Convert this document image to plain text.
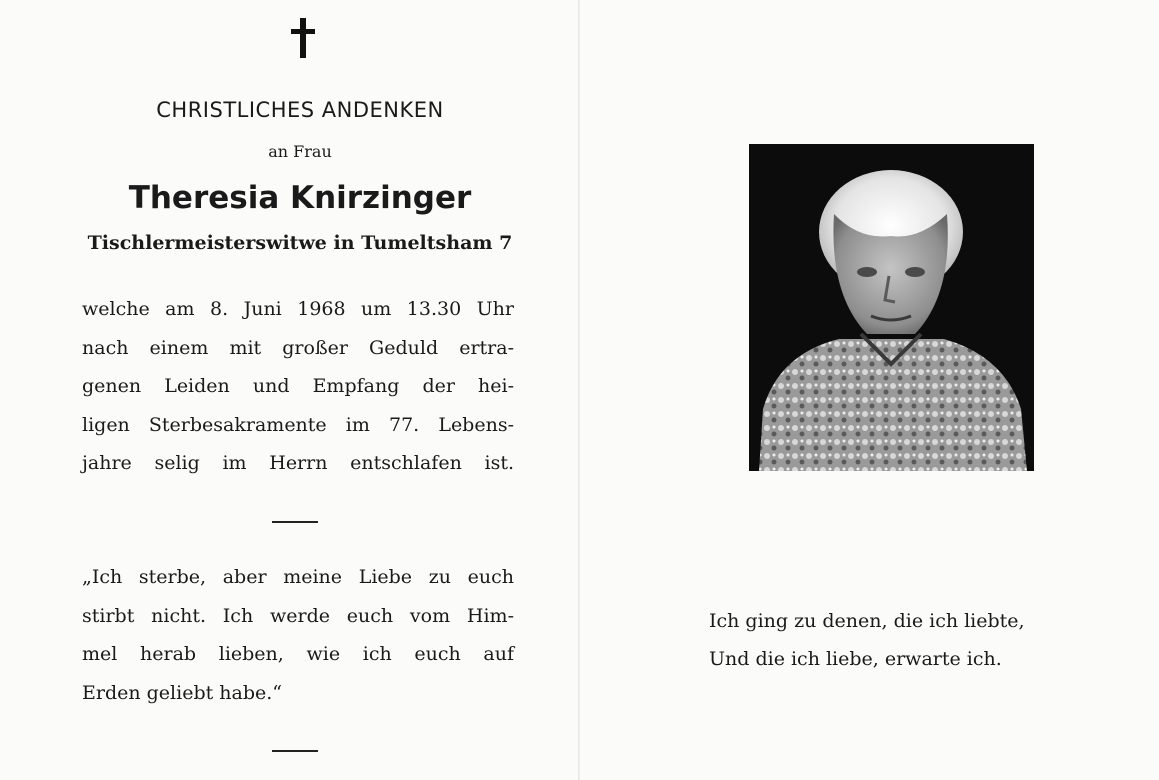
CHRISTLICHES ANDENKEN
an Frau
Theresia Knirzinger
Tischlermeisterswitwe in Tumeltsham 7
welche am 8. Juni 1968 um 13.30 Uhr
nach einem mit großer Geduld ertra-
genen Leiden und Empfang der hei-
ligen Sterbesakramente im 77. Lebens-
jahre selig im Herrn entschlafen ist.
„Ich sterbe, aber meine Liebe zu euch
stirbt nicht. Ich werde euch vom Him-
mel herab lieben, wie ich euch auf
Erden geliebt habe.“
Ich ging zu denen, die ich liebte,
Und die ich liebe, erwarte ich.
